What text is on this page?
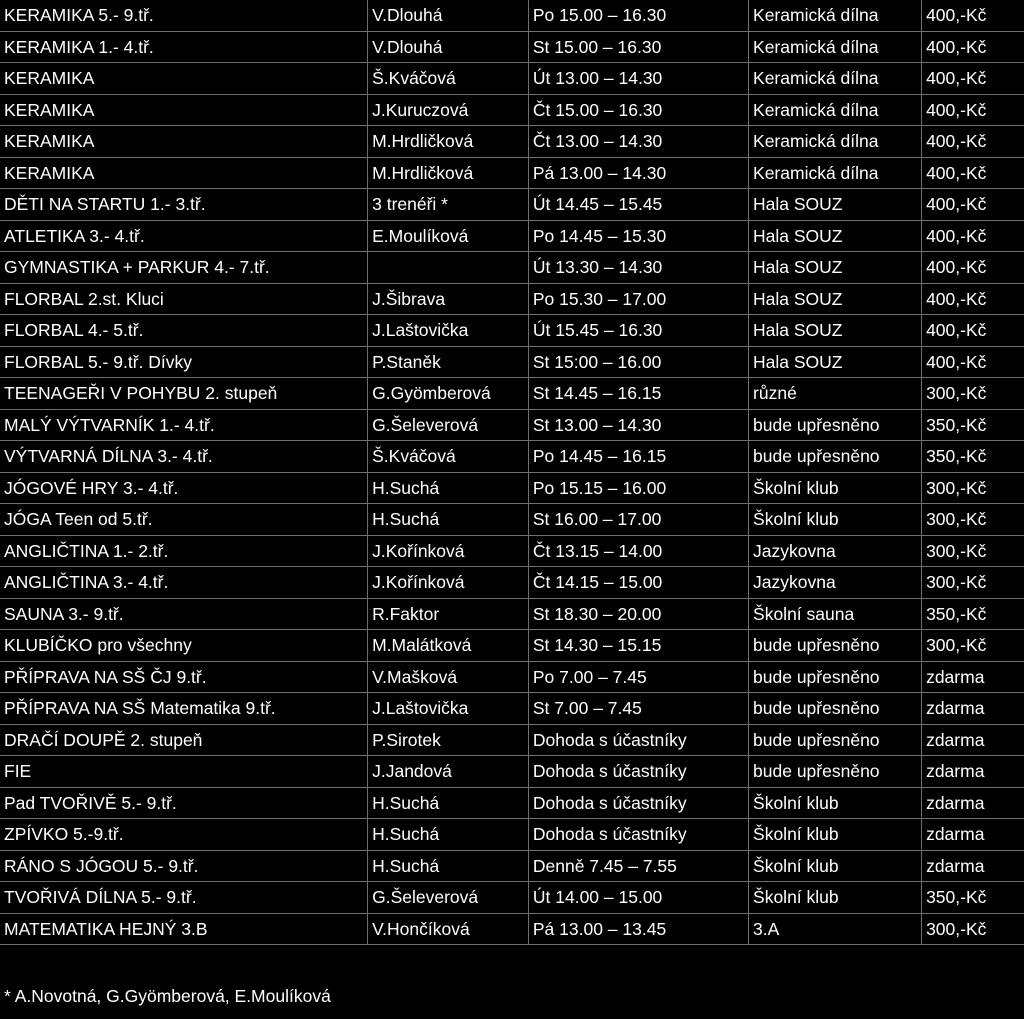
KERAMIKA 5.- 9.tř.	V.Dlouhá	Po 15.00 – 16.30	Keramická dílna	400,-Kč
KERAMIKA 1.- 4.tř.	V.Dlouhá	St 15.00 – 16.30	Keramická dílna	400,-Kč
KERAMIKA	Š.Kváčová	Út 13.00 – 14.30	Keramická dílna	400,-Kč
KERAMIKA	J.Kuruczová	Čt 15.00 – 16.30	Keramická dílna	400,-Kč
KERAMIKA	M.Hrdličková	Čt 13.00 – 14.30	Keramická dílna	400,-Kč
KERAMIKA	M.Hrdličková	Pá 13.00 – 14.30	Keramická dílna	400,-Kč
DĚTI NA STARTU 1.- 3.tř.	3 trenéři *	Út 14.45 – 15.45	Hala SOUZ	400,-Kč
ATLETIKA 3.- 4.tř.	E.Moulíková	Po 14.45 – 15.30	Hala SOUZ	400,-Kč
GYMNASTIKA + PARKUR 4.- 7.tř.		Út 13.30 – 14.30	Hala SOUZ	400,-Kč
FLORBAL 2.st. Kluci	J.Šibrava	Po 15.30 – 17.00	Hala SOUZ	400,-Kč
FLORBAL 4.- 5.tř.	J.Laštovička	Út 15.45 – 16.30	Hala SOUZ	400,-Kč
FLORBAL 5.- 9.tř. Dívky	P.Staněk	St 15:00 – 16.00	Hala SOUZ	400,-Kč
TEENAGEŘI V POHYBU 2. stupeň	G.Gyömberová	St 14.45 – 16.15	různé	300,-Kč
MALÝ VÝTVARNÍK 1.- 4.tř.	G.Šeleverová	St 13.00 – 14.30	bude upřesněno	350,-Kč
VÝTVARNÁ DÍLNA 3.- 4.tř.	Š.Kváčová	Po 14.45 – 16.15	bude upřesněno	350,-Kč
JÓGOVÉ HRY 3.- 4.tř.	H.Suchá	Po 15.15 – 16.00	Školní klub	300,-Kč
JÓGA Teen od 5.tř.	H.Suchá	St 16.00 – 17.00	Školní klub	300,-Kč
ANGLIČTINA 1.- 2.tř.	J.Kořínková	Čt 13.15 – 14.00	Jazykovna	300,-Kč
ANGLIČTINA 3.- 4.tř.	J.Kořínková	Čt 14.15 – 15.00	Jazykovna	300,-Kč
SAUNA 3.- 9.tř.	R.Faktor	St 18.30 – 20.00	Školní sauna	350,-Kč
KLUBÍČKO pro všechny	M.Malátková	St 14.30 – 15.15	bude upřesněno	300,-Kč
PŘÍPRAVA NA SŠ ČJ 9.tř.	V.Mašková	Po 7.00 – 7.45	bude upřesněno	zdarma
PŘÍPRAVA NA SŠ Matematika 9.tř.	J.Laštovička	St 7.00 – 7.45	bude upřesněno	zdarma
DRAČÍ DOUPĚ 2. stupeň	P.Sirotek	Dohoda s účastníky	bude upřesněno	zdarma
FIE	J.Jandová	Dohoda s účastníky	bude upřesněno	zdarma
Pad TVOŘIVĚ 5.- 9.tř.	H.Suchá	Dohoda s účastníky	Školní klub	zdarma
ZPÍVKO 5.-9.tř.	H.Suchá	Dohoda s účastníky	Školní klub	zdarma
RÁNO S JÓGOU 5.- 9.tř.	H.Suchá	Denně 7.45 – 7.55	Školní klub	zdarma
TVOŘIVÁ DÍLNA 5.- 9.tř.	G.Šeleverová	Út 14.00 – 15.00	Školní klub	350,-Kč
MATEMATIKA HEJNÝ 3.B	V.Hončíková	Pá 13.00 – 13.45	3.A	300,-Kč
* A.Novotná, G.Gyömberová, E.Moulíková
